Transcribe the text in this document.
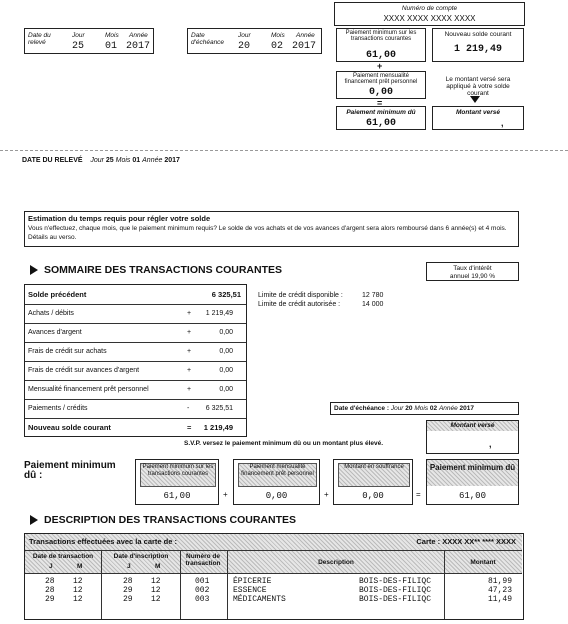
Date du relevé
Jour	Mois Année
25 01 2017
Date d'échéance
Jour	Mois Année
20 02 2017
Numéro de compte
XXXX XXXX XXXX XXXX
Paiement minimum sur les transactions courantes
61,00
Nouveau solde courant
1 219,49
+
Paiement mensualité financement prêt personnel
0,00
Le montant versé sera appliqué à votre solde courant
=
Paiement minimum dû
61,00
Montant versé
,
DATE DU RELEVÉ Jour 25 Mois 01 Année 2017
Estimation du temps requis pour régler votre solde
Vous n'effectuez, chaque mois, que le paiement minimum requis? Le solde de vos achats et de vos avances d'argent sera alors remboursé dans 6 année(s) et 4 mois. Détails au verso.
SOMMAIRE DES TRANSACTIONS COURANTES	Taux d'intérêt
annuel 19,90 %
Solde précédent	6 325,51
Achats / débits	+ 1 219,49
Avances d'argent	+	0,00
Frais de crédit sur achats	+	0,00
Frais de crédit sur avances d'argent	+	0,00
Mensualité financement prêt personnel	+	0,00
Paiements / crédits	- 6 325,51
Nouveau solde courant	= 1 219,49
Limite de crédit disponible :	12 780
Limite de crédit autorisée :	14 000
Date d'échéance : Jour 20 Mois 02 Année 2017
Montant versé
,
S.V.P. versez le paiement minimum dû ou un montant plus élevé.
Paiement minimum dû :
Paiement minimum sur les transactions courantes
61,00	+
Paiement mensualité financement prêt personnel
0,00	+
Montant en souffrance
0,00	=
Paiement minimum dû
61,00
DESCRIPTION DES TRANSACTIONS COURANTES
Transactions effectuées avec la carte de :	Carte : XXXX XX** **** XXXX
Date de transaction
J	M
Date d'inscription
J	M
Numéro de transaction	Description	Montant
28 12	28 12	001	ÉPICERIE	BOIS-DES-FILIQC	81,99
28 12	29 12	002	ESSENCE	BOIS-DES-FILIQC	47,23
29 12	29 12	003	MÉDICAMENTS	BOIS-DES-FILIQC	11,49
